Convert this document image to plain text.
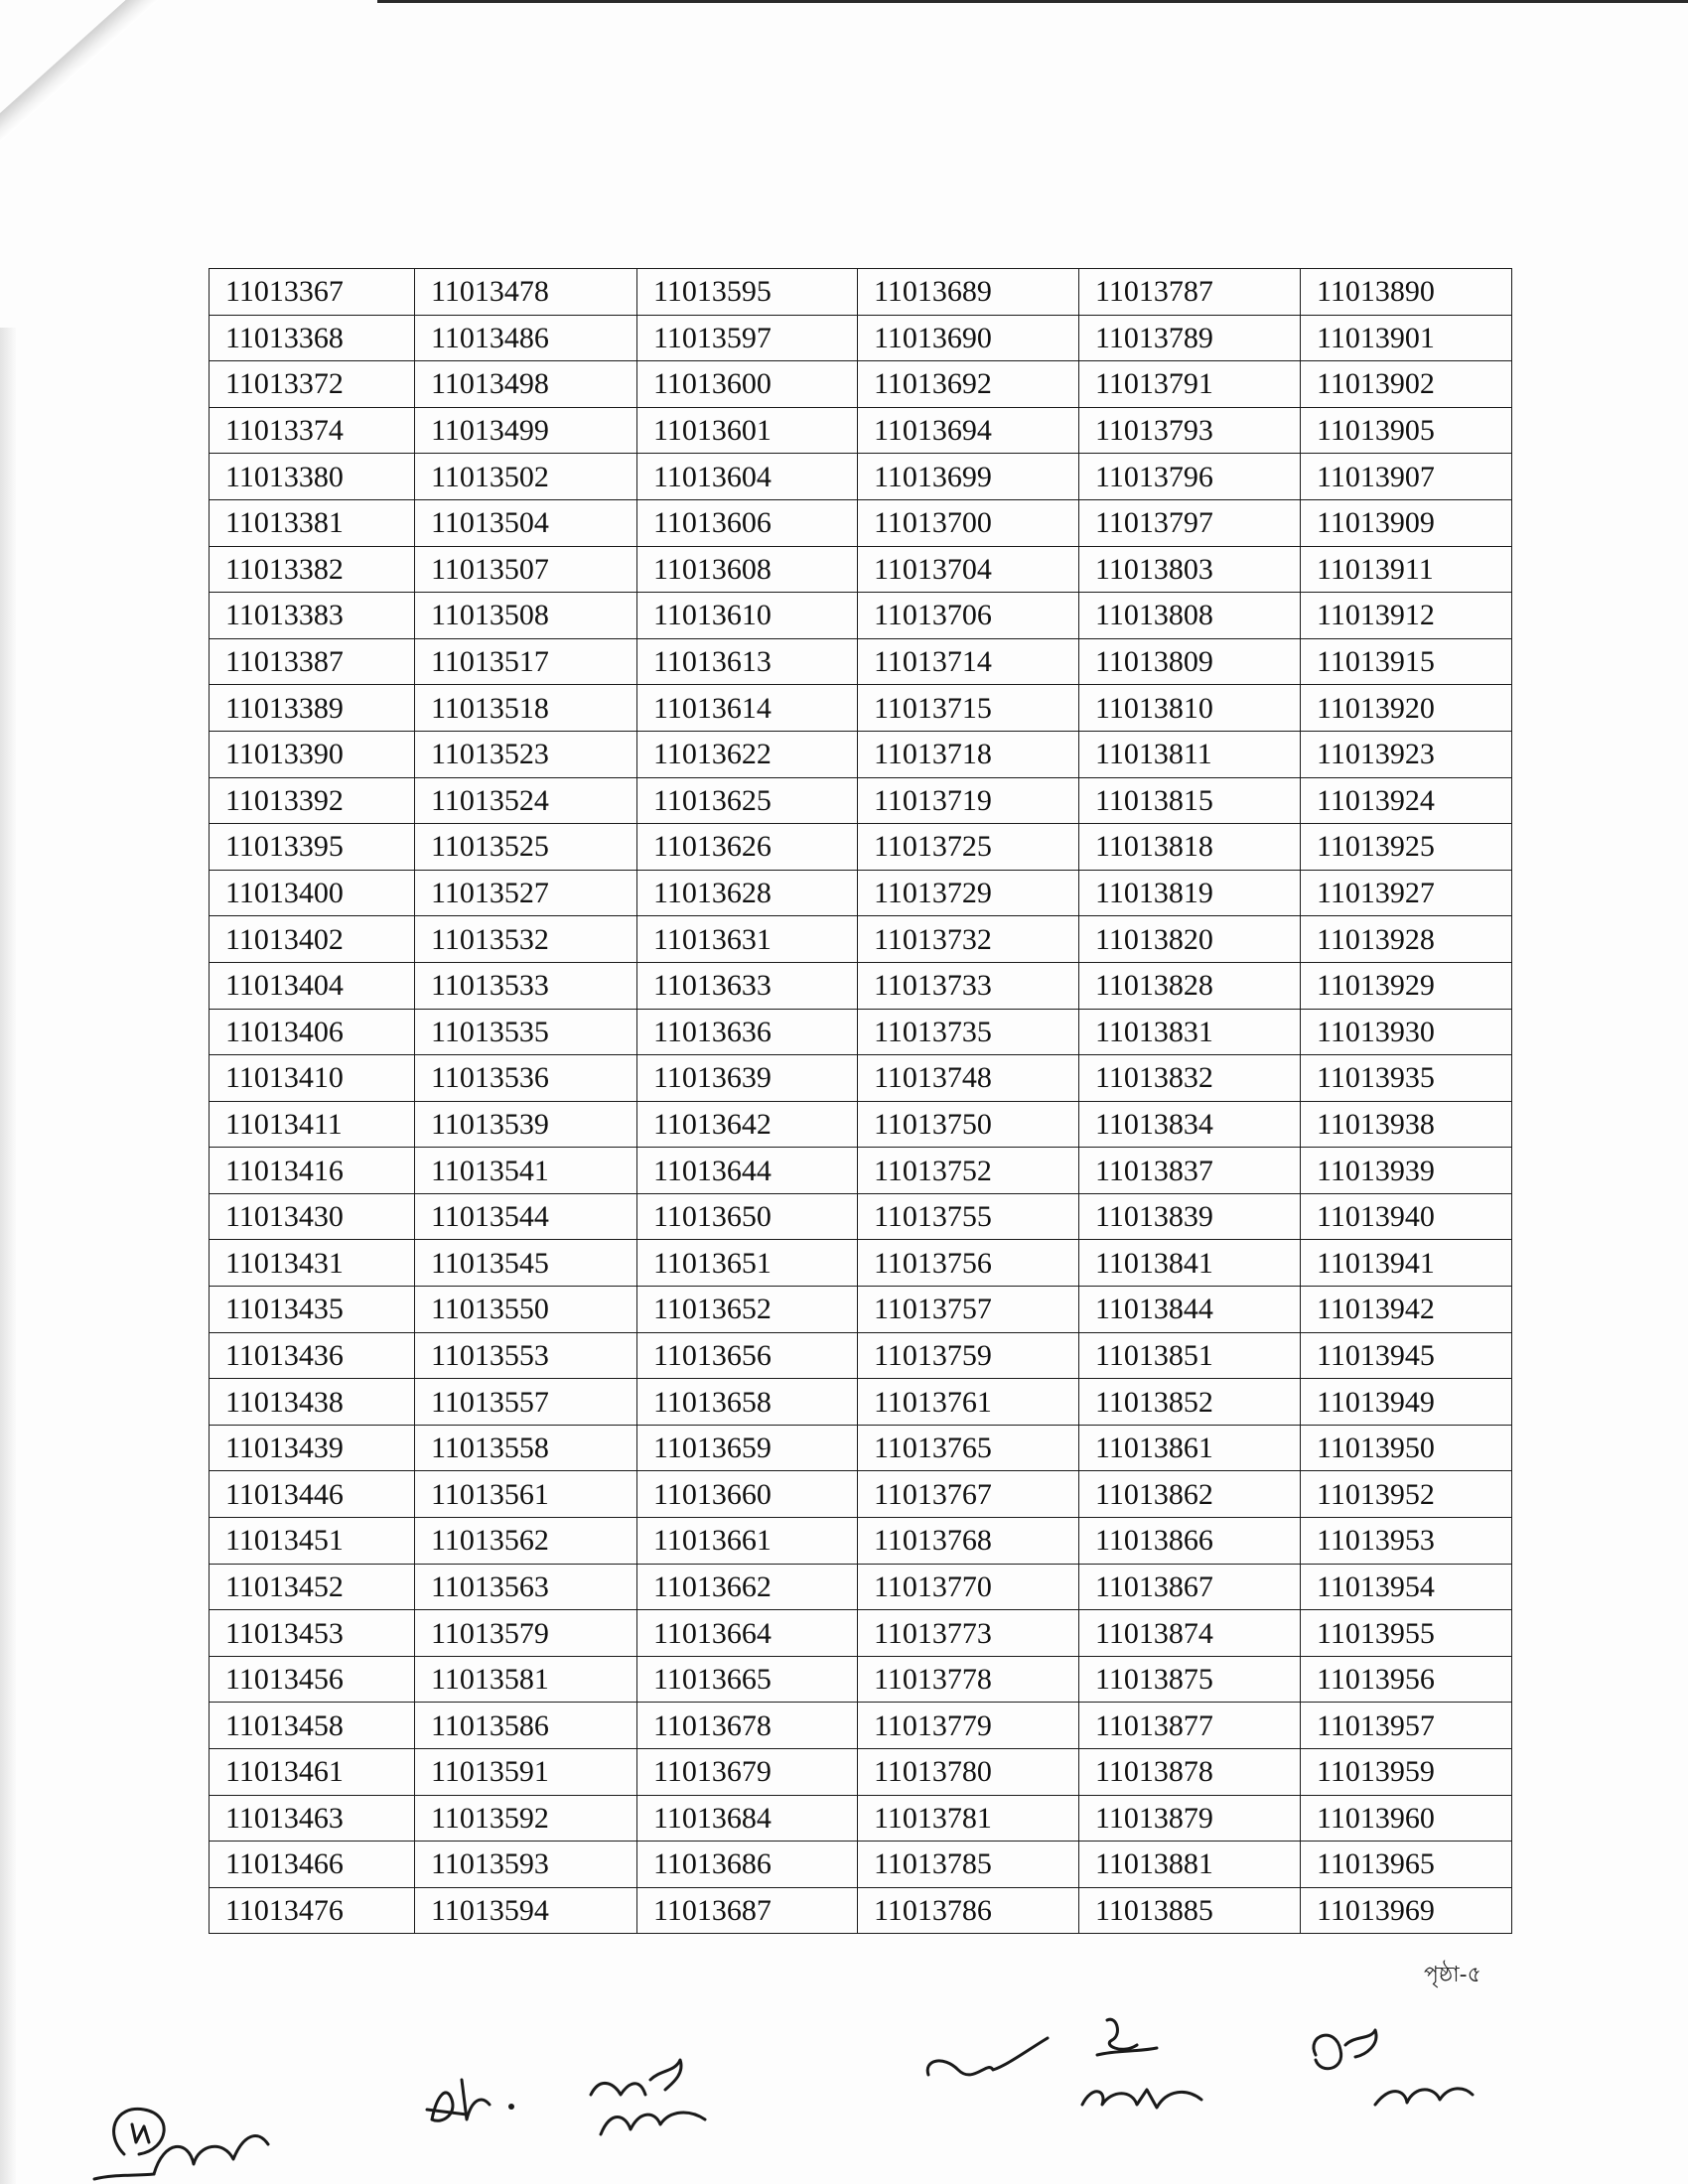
11013367	11013478	11013595	11013689	11013787	11013890
11013368	11013486	11013597	11013690	11013789	11013901
11013372	11013498	11013600	11013692	11013791	11013902
11013374	11013499	11013601	11013694	11013793	11013905
11013380	11013502	11013604	11013699	11013796	11013907
11013381	11013504	11013606	11013700	11013797	11013909
11013382	11013507	11013608	11013704	11013803	11013911
11013383	11013508	11013610	11013706	11013808	11013912
11013387	11013517	11013613	11013714	11013809	11013915
11013389	11013518	11013614	11013715	11013810	11013920
11013390	11013523	11013622	11013718	11013811	11013923
11013392	11013524	11013625	11013719	11013815	11013924
11013395	11013525	11013626	11013725	11013818	11013925
11013400	11013527	11013628	11013729	11013819	11013927
11013402	11013532	11013631	11013732	11013820	11013928
11013404	11013533	11013633	11013733	11013828	11013929
11013406	11013535	11013636	11013735	11013831	11013930
11013410	11013536	11013639	11013748	11013832	11013935
11013411	11013539	11013642	11013750	11013834	11013938
11013416	11013541	11013644	11013752	11013837	11013939
11013430	11013544	11013650	11013755	11013839	11013940
11013431	11013545	11013651	11013756	11013841	11013941
11013435	11013550	11013652	11013757	11013844	11013942
11013436	11013553	11013656	11013759	11013851	11013945
11013438	11013557	11013658	11013761	11013852	11013949
11013439	11013558	11013659	11013765	11013861	11013950
11013446	11013561	11013660	11013767	11013862	11013952
11013451	11013562	11013661	11013768	11013866	11013953
11013452	11013563	11013662	11013770	11013867	11013954
11013453	11013579	11013664	11013773	11013874	11013955
11013456	11013581	11013665	11013778	11013875	11013956
11013458	11013586	11013678	11013779	11013877	11013957
11013461	11013591	11013679	11013780	11013878	11013959
11013463	11013592	11013684	11013781	11013879	11013960
11013466	11013593	11013686	11013785	11013881	11013965
11013476	11013594	11013687	11013786	11013885	11013969
পৃষ্ঠা-৫
